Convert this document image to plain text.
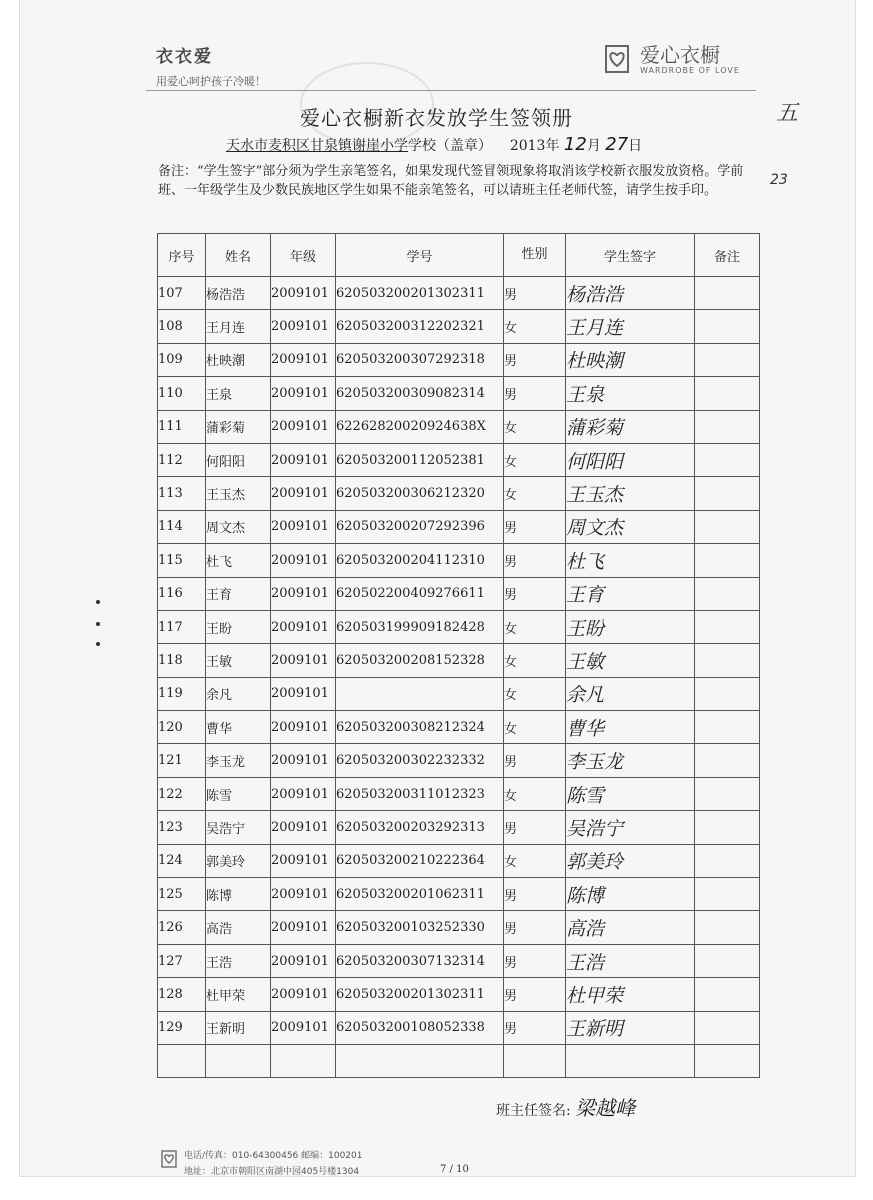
衣衣爱
用爱心呵护孩子冷暖！
爱心衣橱
WARDROBE OF LOVE
爱心衣橱新衣发放学生签领册
天水市麦积区甘泉镇谢崖小学学校（盖章） 2013年 12月 27日
备注：“学生签字”部分须为学生亲笔签名，如果发现代签冒领现象将取消该学校新衣服发放资格。学前班、一年级学生及少数民族地区学生如果不能亲笔签名，可以请班主任老师代签，请学生按手印。
五
23
序号	姓名	年级	学号	性别	学生签字	备注
107	杨浩浩	2009101	620503200201302311	男	杨浩浩	
108	王月连	2009101	620503200312202321	女	王月连	
109	杜映潮	2009101	620503200307292318	男	杜映潮	
110	王泉	2009101	620503200309082314	男	王泉	
111	蒲彩菊	2009101	62262820020924638X	女	蒲彩菊	
112	何阳阳	2009101	620503200112052381	女	何阳阳	
113	王玉杰	2009101	620503200306212320	女	王玉杰	
114	周文杰	2009101	620503200207292396	男	周文杰	
115	杜飞	2009101	620503200204112310	男	杜飞	
116	王育	2009101	620502200409276611	男	王育	
117	王盼	2009101	620503199909182428	女	王盼	
118	王敏	2009101	620503200208152328	女	王敏	
119	余凡	2009101		女	余凡	
120	曹华	2009101	620503200308212324	女	曹华	
121	李玉龙	2009101	620503200302232332	男	李玉龙	
122	陈雪	2009101	620503200311012323	女	陈雪	
123	吴浩宁	2009101	620503200203292313	男	吴浩宁	
124	郭美玲	2009101	620503200210222364	女	郭美玲	
125	陈博	2009101	620503200201062311	男	陈博	
126	高浩	2009101	620503200103252330	男	高浩	
127	王浩	2009101	620503200307132314	男	王浩	
128	杜甲荣	2009101	620503200201302311	男	杜甲荣	
129	王新明	2009101	620503200108052338	男	王新明	

班主任签名: 梁越峰
电话/传真：010-64300456 邮编：100201
地址：北京市朝阳区南湖中园405号楼1304	7 / 10
